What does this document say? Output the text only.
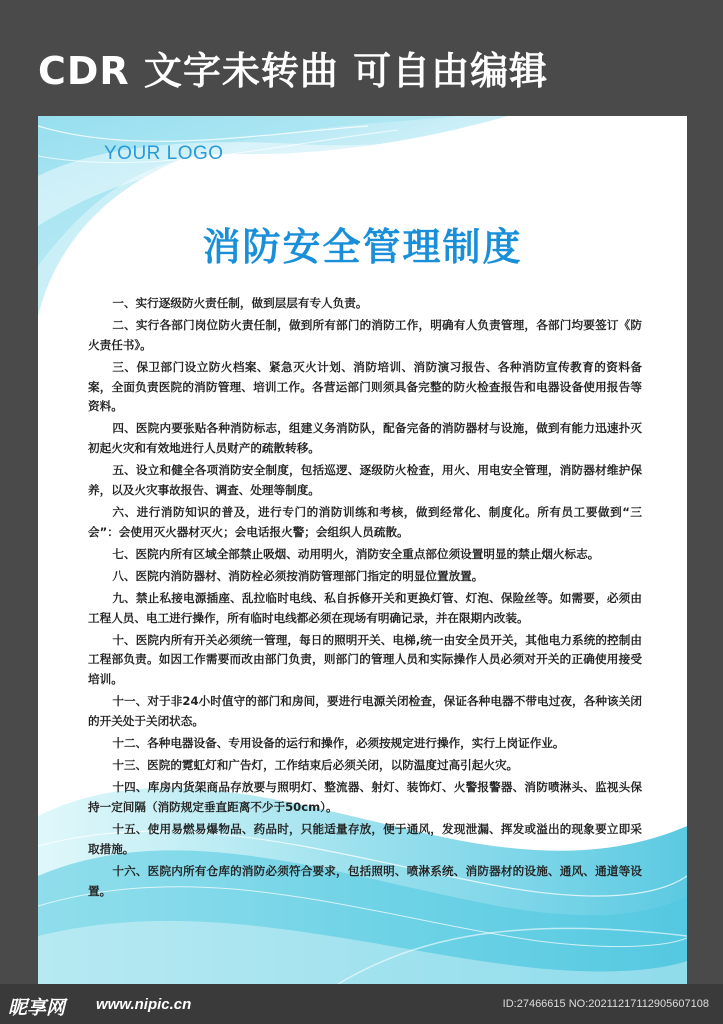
CDR 文字未转曲 可自由编辑
YOUR LOGO
消防安全管理制度

一、实行逐级防火责任制，做到层层有专人负责。

二、实行各部门岗位防火责任制，做到所有部门的消防工作，明确有人负责管理，各部门均要签订《防火责任书》。

三、保卫部门设立防火档案、紧急灭火计划、消防培训、消防演习报告、各种消防宣传教育的资料备案，全面负责医院的消防管理、培训工作。各营运部门则须具备完整的防火检查报告和电器设备使用报告等资料。

四、医院内要张贴各种消防标志，组建义务消防队，配备完备的消防器材与设施，做到有能力迅速扑灭初起火灾和有效地进行人员财产的疏散转移。

五、设立和健全各项消防安全制度，包括巡逻、逐级防火检查，用火、用电安全管理，消防器材维护保养，以及火灾事故报告、调查、处理等制度。

六、进行消防知识的普及，进行专门的消防训练和考核，做到经常化、制度化。所有员工要做到“三会”：会使用灭火器材灭火；会电话报火警；会组织人员疏散。

七、医院内所有区域全部禁止吸烟、动用明火，消防安全重点部位须设置明显的禁止烟火标志。

八、医院内消防器材、消防栓必须按消防管理部门指定的明显位置放置。

九、禁止私接电源插座、乱拉临时电线、私自拆修开关和更换灯管、灯泡、保险丝等。如需要，必须由工程人员、电工进行操作，所有临时电线都必须在现场有明确记录，并在限期内改装。

十、医院内所有开关必须统一管理，每日的照明开关、电梯,统一由安全员开关，其他电力系统的控制由工程部负责。如因工作需要而改由部门负责，则部门的管理人员和实际操作人员必须对开关的正确使用接受培训。

十一、对于非24小时值守的部门和房间，要进行电源关闭检查，保证各种电器不带电过夜，各种该关闭的开关处于关闭状态。

十二、各种电器设备、专用设备的运行和操作，必须按规定进行操作，实行上岗证作业。

十三、医院的霓虹灯和广告灯，工作结束后必须关闭，以防温度过高引起火灾。

十四、库房内货架商品存放要与照明灯、整流器、射灯、装饰灯、火警报警器、消防喷淋头、监视头保持一定间隔（消防规定垂直距离不少于50cm）。

十五、使用易燃易爆物品、药品时，只能适量存放，便于通风，发现泄漏、挥发或溢出的现象要立即采取措施。

十六、医院内所有仓库的消防必须符合要求，包括照明、喷淋系统、消防器材的设施、通风、通道等设置。

昵享网 www.nipic.cn	ID:27466615 NO:20211217112905607108
